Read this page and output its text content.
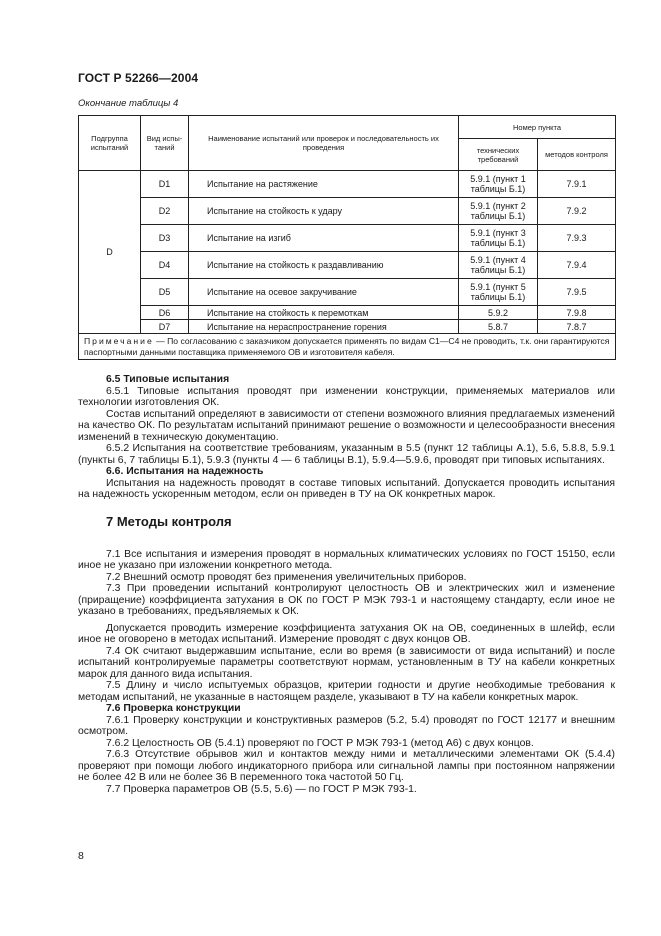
ГОСТ Р 52266—2004
Окончание таблицы 4
Подгруппа испытаний	Вид испы-таний	Наименование испытаний или проверок и последовательность их проведения	Номер пункта	
			технических требований	методов контроля
D	D1	Испытание на растяжение	5.9.1 (пункт 1 таблицы Б.1)	7.9.1
	D2	Испытание на стойкость к удару	5.9.1 (пункт 2 таблицы Б.1)	7.9.2
	D3	Испытание на изгиб	5.9.1 (пункт 3 таблицы Б.1)	7.9.3
	D4	Испытание на стойкость к раздавливанию	5.9.1 (пункт 4 таблицы Б.1)	7.9.4
	D5	Испытание на осевое закручивание	5.9.1 (пункт 5 таблицы Б.1)	7.9.5
	D6	Испытание на стойкость к перемоткам	5.9.2	7.9.8
	D7	Испытание на нераспространение горения	5.8.7	7.8.7
Примечание — По согласованию с заказчиком допускается применять по видам С1—С4 не проводить, т.к. они гарантируются паспортными данными поставщика применяемого ОВ и изготовителя кабеля.				

6.5 Типовые испытания

6.5.1 Типовые испытания проводят при изменении конструкции, применяемых материалов или технологии изготовления ОК.

Состав испытаний определяют в зависимости от степени возможного влияния предлагаемых изменений на качество ОК. По результатам испытаний принимают решение о возможности и целесообразности внесения изменений в техническую документацию.

6.5.2 Испытания на соответствие требованиям, указанным в 5.5 (пункт 12 таблицы А.1), 5.6, 5.8.8, 5.9.1 (пункты 6, 7 таблицы Б.1), 5.9.3 (пункты 4 — 6 таблицы В.1), 5.9.4—5.9.6, проводят при типовых испытаниях.

6.6. Испытания на надежность

Испытания на надежность проводят в составе типовых испытаний. Допускается проводить испытания на надежность ускоренным методом, если он приведен в ТУ на ОК конкретных марок.

7 Методы контроля

7.1 Все испытания и измерения проводят в нормальных климатических условиях по ГОСТ 15150, если иное не указано при изложении конкретного метода.

7.2 Внешний осмотр проводят без применения увеличительных приборов.

7.3 При проведении испытаний контролируют целостность ОВ и электрических жил и изменение (приращение) коэффициента затухания в ОК по ГОСТ Р МЭК 793-1 и настоящему стандарту, если иное не указано в требованиях, предъявляемых к ОК.

Допускается проводить измерение коэффициента затухания ОК на ОВ, соединенных в шлейф, если иное не оговорено в методах испытаний. Измерение проводят с двух концов ОВ.

7.4 ОК считают выдержавшим испытание, если во время (в зависимости от вида испытаний) и после испытаний контролируемые параметры соответствуют нормам, установленным в ТУ на кабели конкретных марок для данного вида испытания.

7.5 Длину и число испытуемых образцов, критерии годности и другие необходимые требования к методам испытаний, не указанные в настоящем разделе, указывают в ТУ на кабели конкретных марок.

7.6 Проверка конструкции

7.6.1 Проверку конструкции и конструктивных размеров (5.2, 5.4) проводят по ГОСТ 12177 и внешним осмотром.

7.6.2 Целостность ОВ (5.4.1) проверяют по ГОСТ Р МЭК 793-1 (метод А6) с двух концов.

7.6.3 Отсутствие обрывов жил и контактов между ними и металлическими элементами ОК (5.4.4) проверяют при помощи любого индикаторного прибора или сигнальной лампы при постоянном напряжении не более 42 В или не более 36 В переменного тока частотой 50 Гц.

7.7 Проверка параметров ОВ (5.5, 5.6) — по ГОСТ Р МЭК 793-1.

8
